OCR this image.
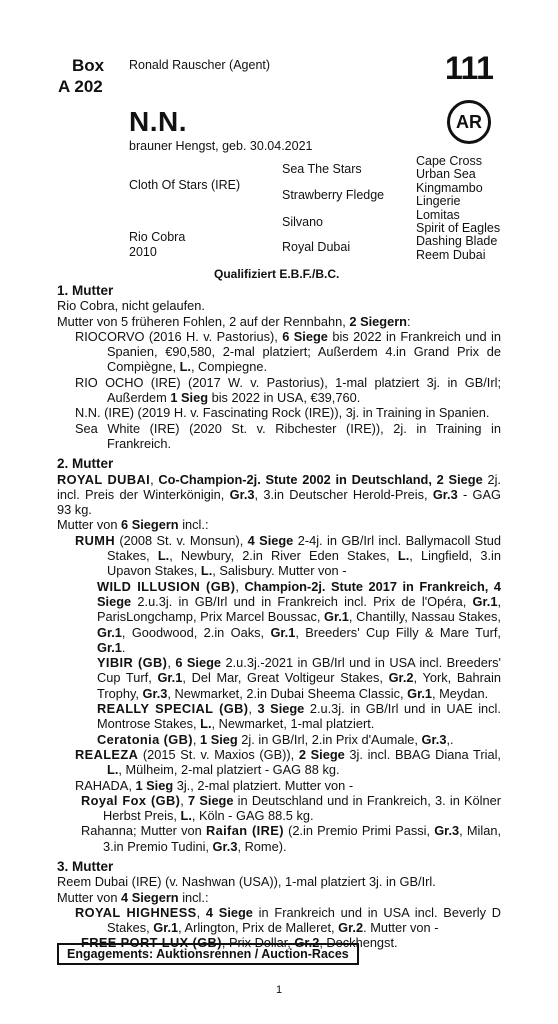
Box
A 202
Ronald Rauscher (Agent)	111
AR
N.N.
brauner Hengst, geb. 30.04.2021
Cloth Of Stars (IRE)
Rio Cobra
2010
Sea The Stars
Strawberry Fledge
Silvano
Royal Dubai
Cape Cross
Urban Sea
Kingmambo
Lingerie
Lomitas
Spirit of Eagles
Dashing Blade
Reem Dubai
Qualifiziert E.B.F./B.C.
1. Mutter
Rio Cobra, nicht gelaufen.
Mutter von 5 früheren Fohlen, 2 auf der Rennbahn, 2 Siegern:
RIOCORVO (2016 H. v. Pastorius), 6 Siege bis 2022 in Frankreich und in Spanien, €90,580, 2-mal platziert; Außerdem 4.in Grand Prix de Compiègne, L., Compiegne.
RIO OCHO (IRE) (2017 W. v. Pastorius), 1-mal platziert 3j. in GB/Irl; Außerdem 1 Sieg bis 2022 in USA, €39,760.
N.N. (IRE) (2019 H. v. Fascinating Rock (IRE)), 3j. in Training in Spanien.
Sea White (IRE) (2020 St. v. Ribchester (IRE)), 2j. in Training in Frankreich.
2. Mutter
ROYAL DUBAI, Co-Champion-2j. Stute 2002 in Deutschland, 2 Siege 2j. incl. Preis der Winterkönigin, Gr.3, 3.in Deutscher Herold-Preis, Gr.3 - GAG 93 kg.
Mutter von 6 Siegern incl.:
RUMH (2008 St. v. Monsun), 4 Siege 2-4j. in GB/Irl incl. Ballymacoll Stud Stakes, L., Newbury, 2.in River Eden Stakes, L., Lingfield, 3.in Upavon Stakes, L., Salisbury. Mutter von -
WILD ILLUSION (GB), Champion-2j. Stute 2017 in Frankreich, 4 Siege 2.u.3j. in GB/Irl und in Frankreich incl. Prix de l'Opéra, Gr.1, ParisLongchamp, Prix Marcel Boussac, Gr.1, Chantilly, Nassau Stakes, Gr.1, Goodwood, 2.in Oaks, Gr.1, Breeders' Cup Filly & Mare Turf, Gr.1.
YIBIR (GB), 6 Siege 2.u.3j.-2021 in GB/Irl und in USA incl. Breeders' Cup Turf, Gr.1, Del Mar, Great Voltigeur Stakes, Gr.2, York, Bahrain Trophy, Gr.3, Newmarket, 2.in Dubai Sheema Classic, Gr.1, Meydan.
REALLY SPECIAL (GB), 3 Siege 2.u.3j. in GB/Irl und in UAE incl. Montrose Stakes, L., Newmarket, 1-mal platziert.
Ceratonia (GB), 1 Sieg 2j. in GB/Irl, 2.in Prix d'Aumale, Gr.3,.
REALEZA (2015 St. v. Maxios (GB)), 2 Siege 3j. incl. BBAG Diana Trial, L., Mülheim, 2-mal platziert - GAG 88 kg.
RAHADA, 1 Sieg 3j., 2-mal platziert. Mutter von -
Royal Fox (GB), 7 Siege in Deutschland und in Frankreich, 3. in Kölner Herbst Preis, L., Köln - GAG 88.5 kg.
Rahanna; Mutter von Raifan (IRE) (2.in Premio Primi Passi, Gr.3, Milan, 3.in Premio Tudini, Gr.3, Rome).
3. Mutter
Reem Dubai (IRE) (v. Nashwan (USA)), 1-mal platziert 3j. in GB/Irl.
Mutter von 4 Siegern incl.:
ROYAL HIGHNESS, 4 Siege in Frankreich und in USA incl. Beverly D Stakes, Gr.1, Arlington, Prix de Malleret, Gr.2. Mutter von -
FREE PORT LUX (GB), Prix Dollar, Gr.2, Deckhengst.
Engagements: Auktionsrennen / Auction-Races
1
